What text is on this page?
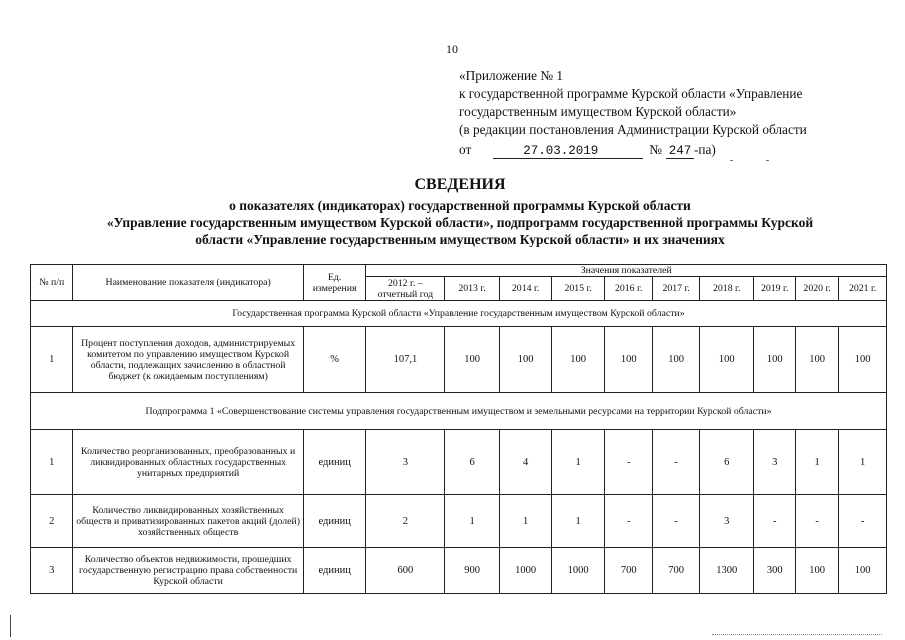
10
«Приложение № 1
к государственной программе Курской области «Управление
государственным имуществом Курской области»
(в редакции постановления Администрации Курской области
от	27.03.2019	№ 247 -па)
СВЕДЕНИЯ
о показателях (индикаторах) государственной программы Курской области
«Управление государственным имуществом Курской области», подпрограмм государственной программы Курской
области «Управление государственным имуществом Курской области» и их значениях
№ п/п	Наименование показателя (индикатора)	Ед. измерения	Значения показателей									
			2012 г. – отчетный год	2013 г.	2014 г.	2015 г.	2016 г.	2017 г.	2018 г.	2019 г.	2020 г.	2021 г.
Государственная программа Курской области «Управление государственным имуществом Курской области»												
1	Процент поступления доходов, администрируемых комитетом по управлению имуществом Курской области, подлежащих зачислению в областной бюджет (к ожидаемым поступлениям)	%	107,1	100	100	100	100	100	100	100	100	100
Подпрограмма 1 «Совершенствование системы управления государственным имуществом и земельными ресурсами на территории Курской области»												
1	Количество реорганизованных, преобразованных и ликвидированных областных государственных унитарных предприятий	единиц	3	6	4	1	-	-	6	3	1	1
2	Количество ликвидированных хозяйственных обществ и приватизированных пакетов акций (долей) хозяйственных обществ	единиц	2	1	1	1	-	-	3	-	-	-
3	Количество объектов недвижимости, прошедших государственную регистрацию права собственности Курской области	единиц	600	900	1000	1000	700	700	1300	300	100	100
